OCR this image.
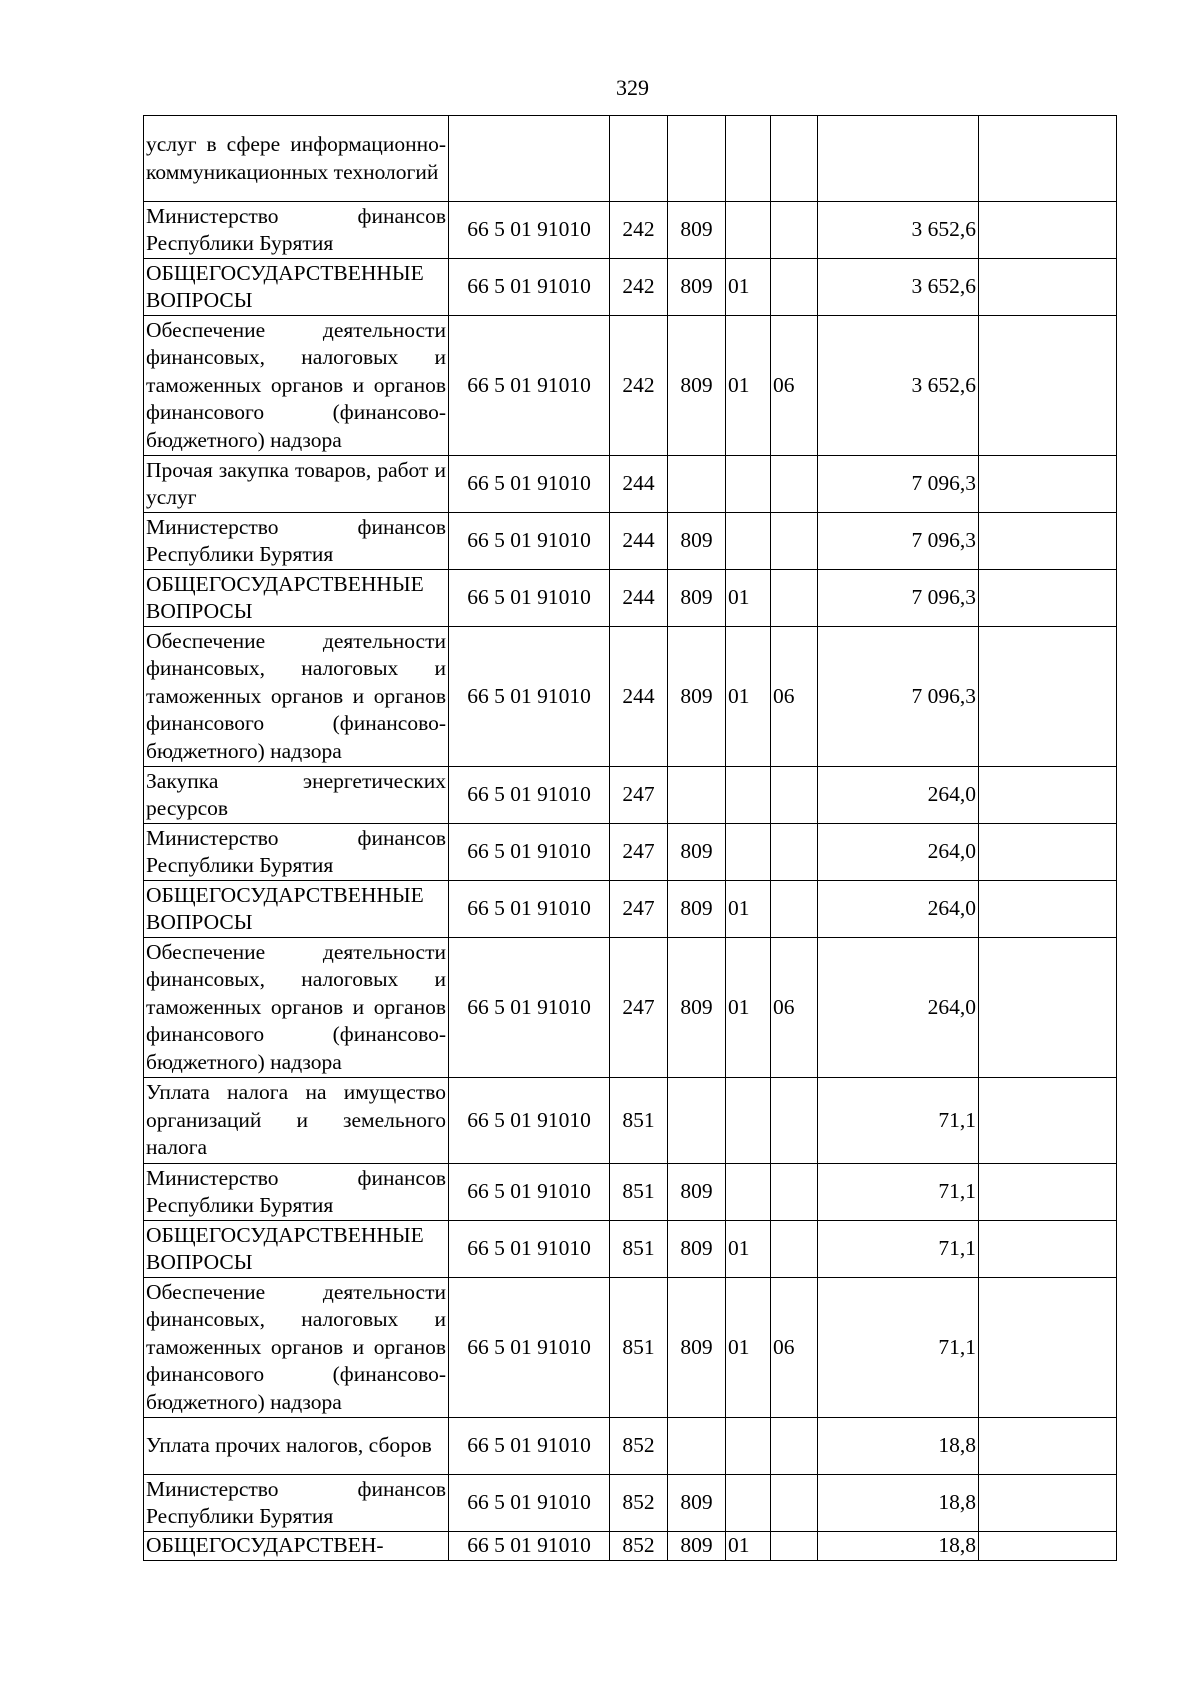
329
услуг в сфере информационно-коммуникационных технологий							
Министерство финансов Республики Бурятия	66 5 01 91010	242	809			3 652,6	
ОБЩЕГОСУДАРСТВЕННЫЕ ВОПРОСЫ	66 5 01 91010	242	809	01		3 652,6	
Обеспечение деятельности финансовых, налоговых и таможенных органов и органов финансового (финансово-бюджетного) надзора	66 5 01 91010	242	809	01	06	3 652,6	
Прочая закупка товаров, работ и услуг	66 5 01 91010	244				7 096,3	
Министерство финансов Республики Бурятия	66 5 01 91010	244	809			7 096,3	
ОБЩЕГОСУДАРСТВЕННЫЕ ВОПРОСЫ	66 5 01 91010	244	809	01		7 096,3	
Обеспечение деятельности финансовых, налоговых и таможенных органов и органов финансового (финансово-бюджетного) надзора	66 5 01 91010	244	809	01	06	7 096,3	
Закупка энергетических ресурсов	66 5 01 91010	247				264,0	
Министерство финансов Республики Бурятия	66 5 01 91010	247	809			264,0	
ОБЩЕГОСУДАРСТВЕННЫЕ ВОПРОСЫ	66 5 01 91010	247	809	01		264,0	
Обеспечение деятельности финансовых, налоговых и таможенных органов и органов финансового (финансово-бюджетного) надзора	66 5 01 91010	247	809	01	06	264,0	
Уплата налога на имущество организаций и земельного налога	66 5 01 91010	851				71,1	
Министерство финансов Республики Бурятия	66 5 01 91010	851	809			71,1	
ОБЩЕГОСУДАРСТВЕННЫЕ ВОПРОСЫ	66 5 01 91010	851	809	01		71,1	
Обеспечение деятельности финансовых, налоговых и таможенных органов и органов финансового (финансово-бюджетного) надзора	66 5 01 91010	851	809	01	06	71,1	
Уплата прочих налогов, сборов	66 5 01 91010	852				18,8	
Министерство финансов Республики Бурятия	66 5 01 91010	852	809			18,8	
ОБЩЕГОСУДАРСТВЕН-	66 5 01 91010	852	809	01		18,8	
